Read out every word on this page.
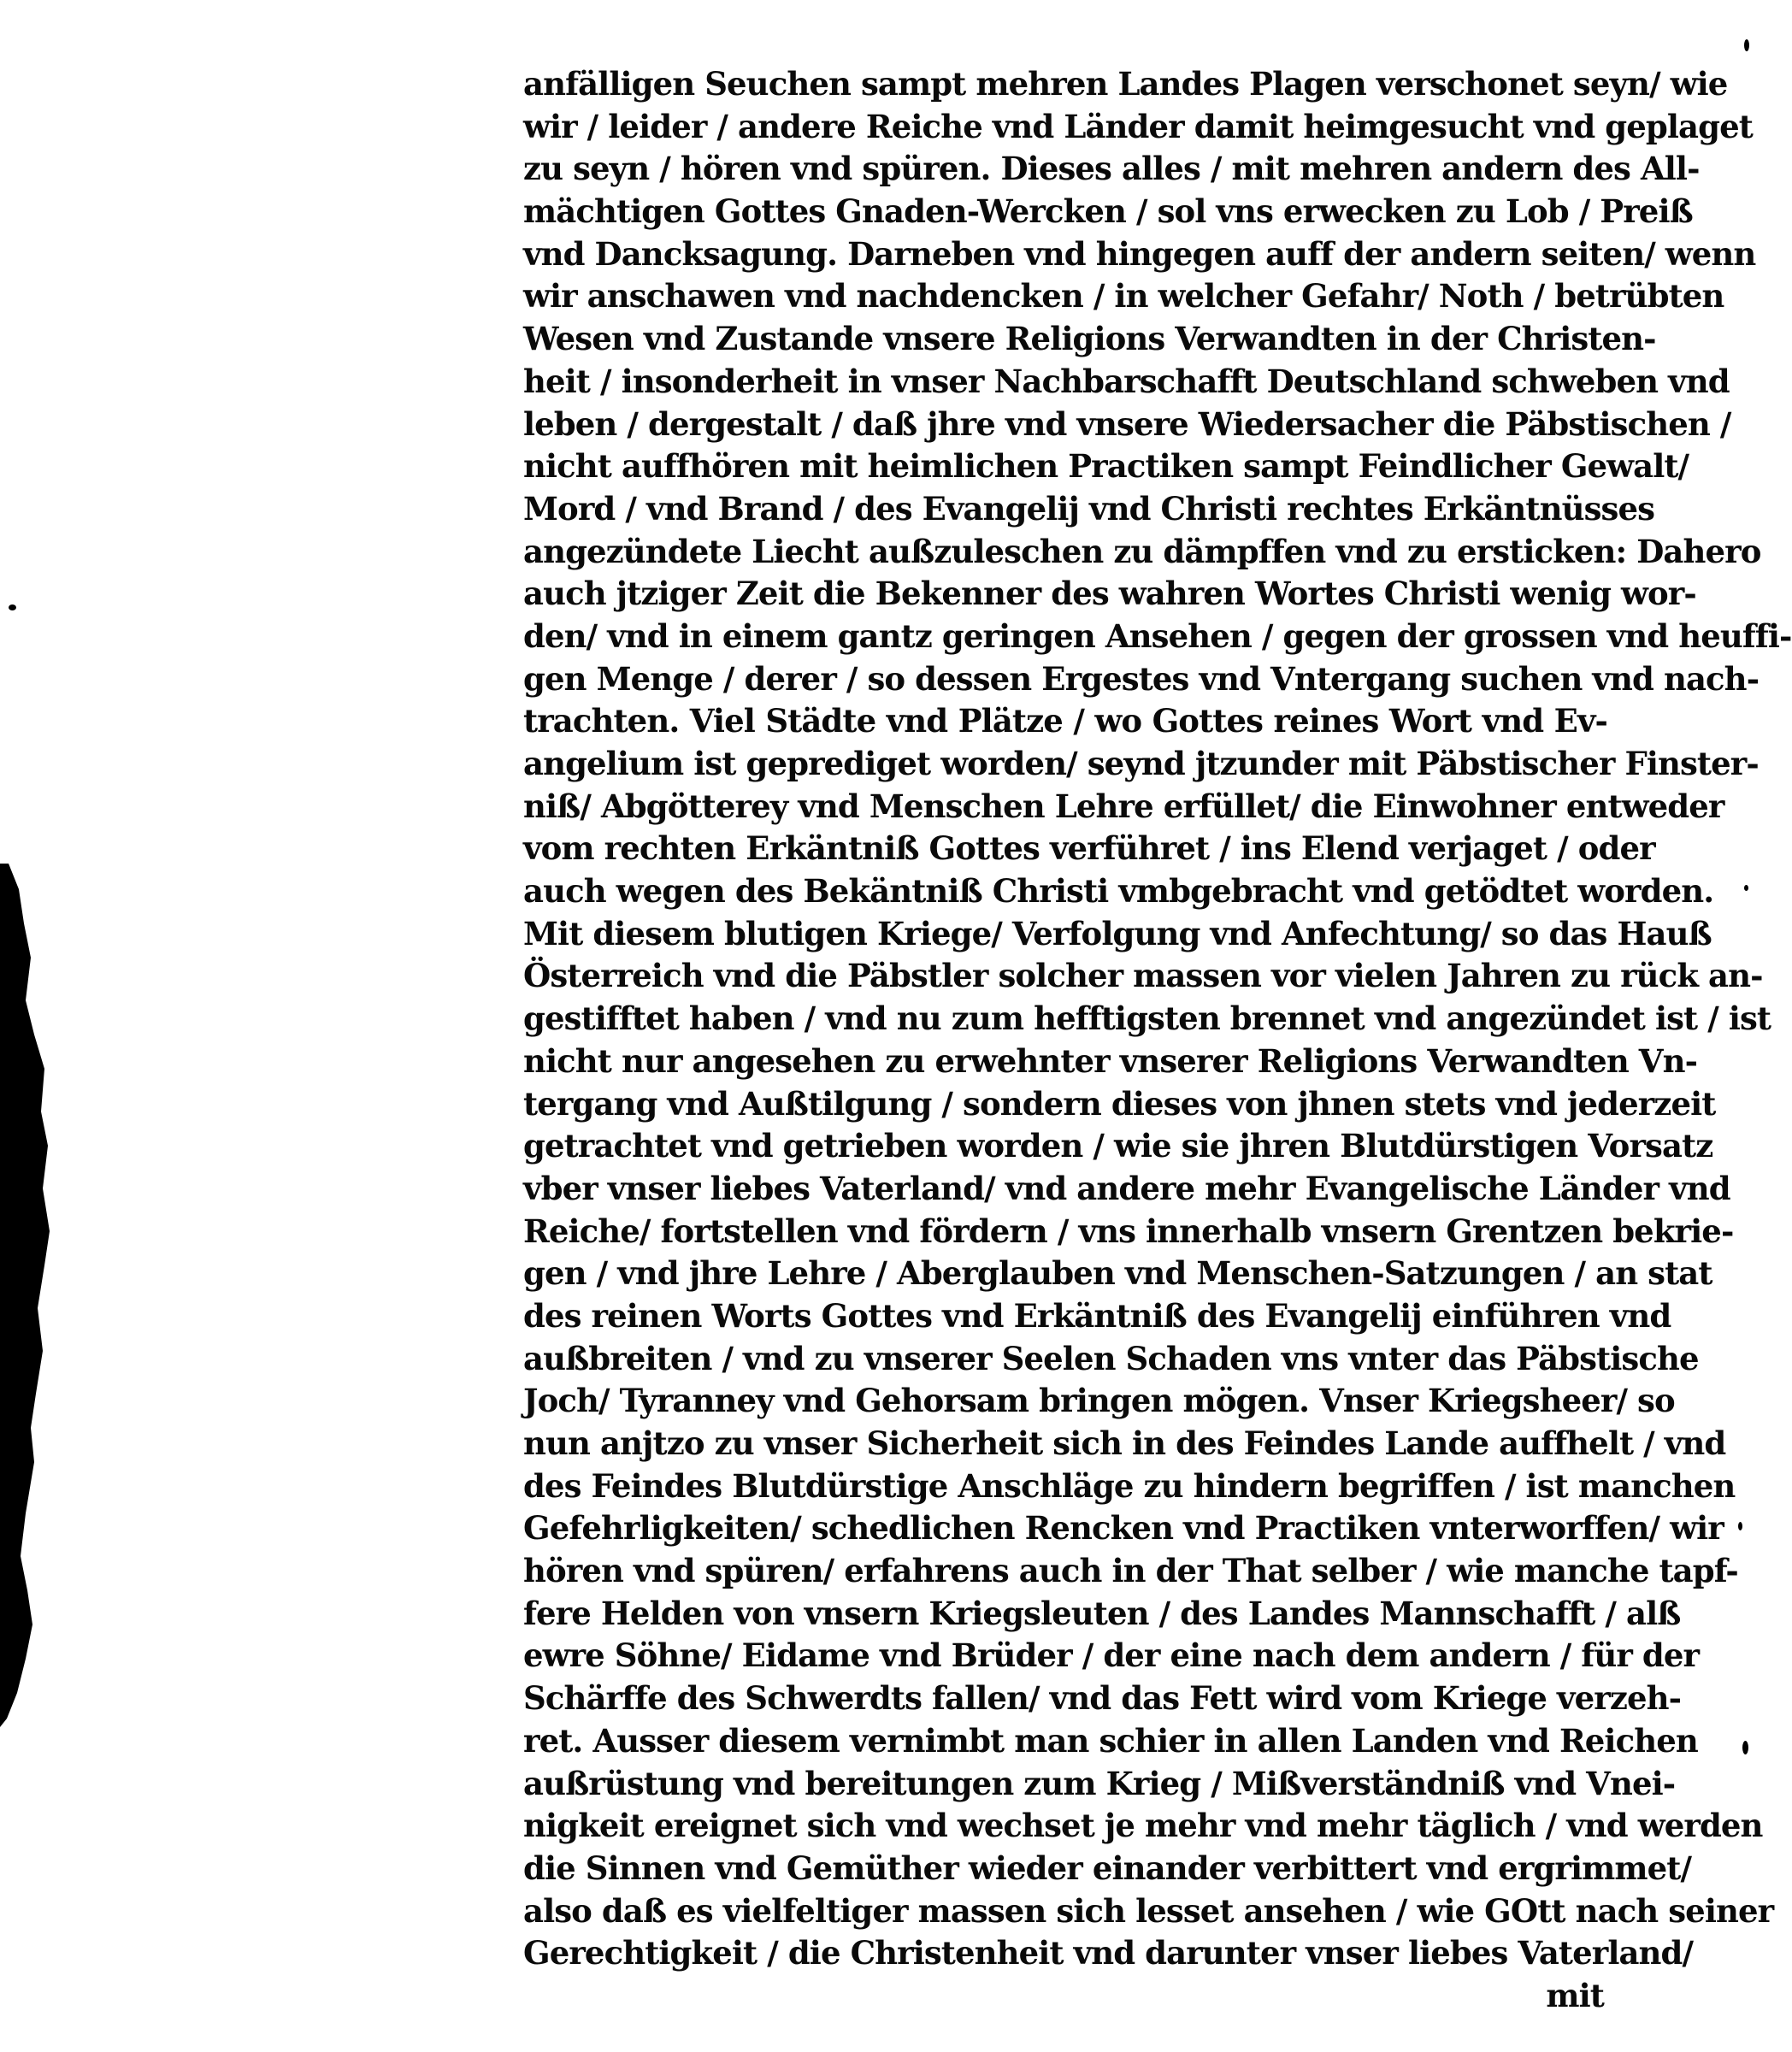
anfälligen Seuchen sampt mehren Landes Plagen verschonet seyn/ wie
wir / leider / andere Reiche vnd Länder damit heimgesucht vnd geplaget
zu seyn / hören vnd spüren. Dieses alles / mit mehren andern des All-
mächtigen Gottes Gnaden-Wercken / sol vns erwecken zu Lob / Preiß
vnd Dancksagung. Darneben vnd hingegen auff der andern seiten/ wenn
wir anschawen vnd nachdencken / in welcher Gefahr/ Noth / betrübten
Wesen vnd Zustande vnsere Religions Verwandten in der Christen-
heit / insonderheit in vnser Nachbarschafft Deutschland schweben vnd
leben / dergestalt / daß jhre vnd vnsere Wiedersacher die Päbstischen /
nicht auffhören mit heimlichen Practiken sampt Feindlicher Gewalt/
Mord / vnd Brand / des Evangelij vnd Christi rechtes Erkäntnüsses
angezündete Liecht außzuleschen zu dämpffen vnd zu ersticken: Dahero
auch jtziger Zeit die Bekenner des wahren Wortes Christi wenig wor-
den/ vnd in einem gantz geringen Ansehen / gegen der grossen vnd heuffi-
gen Menge / derer / so dessen Ergestes vnd Vntergang suchen vnd nach-
trachten. Viel Städte vnd Plätze / wo Gottes reines Wort vnd Ev-
angelium ist geprediget worden/ seynd jtzunder mit Päbstischer Finster-
niß/ Abgötterey vnd Menschen Lehre erfüllet/ die Einwohner entweder
vom rechten Erkäntniß Gottes verführet / ins Elend verjaget / oder
auch wegen des Bekäntniß Christi vmbgebracht vnd getödtet worden.
Mit diesem blutigen Kriege/ Verfolgung vnd Anfechtung/ so das Hauß
Österreich vnd die Päbstler solcher massen vor vielen Jahren zu rück an-
gestifftet haben / vnd nu zum hefftigsten brennet vnd angezündet ist / ist
nicht nur angesehen zu erwehnter vnserer Religions Verwandten Vn-
tergang vnd Außtilgung / sondern dieses von jhnen stets vnd jederzeit
getrachtet vnd getrieben worden / wie sie jhren Blutdürstigen Vorsatz
vber vnser liebes Vaterland/ vnd andere mehr Evangelische Länder vnd
Reiche/ fortstellen vnd fördern / vns innerhalb vnsern Grentzen bekrie-
gen / vnd jhre Lehre / Aberglauben vnd Menschen-Satzungen / an stat
des reinen Worts Gottes vnd Erkäntniß des Evangelij einführen vnd
außbreiten / vnd zu vnserer Seelen Schaden vns vnter das Päbstische
Joch/ Tyranney vnd Gehorsam bringen mögen. Vnser Kriegsheer/ so
nun anjtzo zu vnser Sicherheit sich in des Feindes Lande auffhelt / vnd
des Feindes Blutdürstige Anschläge zu hindern begriffen / ist manchen
Gefehrligkeiten/ schedlichen Rencken vnd Practiken vnterworffen/ wir
hören vnd spüren/ erfahrens auch in der That selber / wie manche tapf-
fere Helden von vnsern Kriegsleuten / des Landes Mannschafft / alß
ewre Söhne/ Eidame vnd Brüder / der eine nach dem andern / für der
Schärffe des Schwerdts fallen/ vnd das Fett wird vom Kriege verzeh-
ret. Ausser diesem vernimbt man schier in allen Landen vnd Reichen
außrüstung vnd bereitungen zum Krieg / Mißverständniß vnd Vnei-
nigkeit ereignet sich vnd wechset je mehr vnd mehr täglich / vnd werden
die Sinnen vnd Gemüther wieder einander verbittert vnd ergrimmet/
also daß es vielfeltiger massen sich lesset ansehen / wie GOtt nach seiner
Gerechtigkeit / die Christenheit vnd darunter vnser liebes Vaterland/
mit
